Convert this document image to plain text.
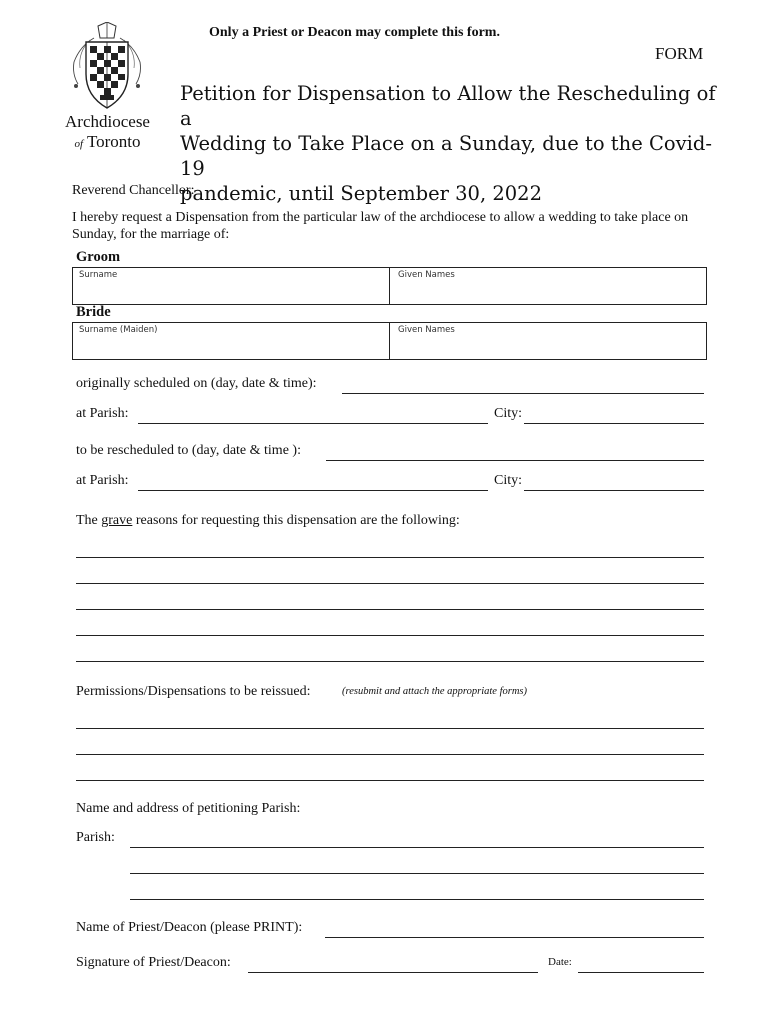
Only a Priest or Deacon may complete this form.
FORM
Archdiocese
of Toronto
Petition for Dispensation to Allow the Rescheduling of a
Wedding to Take Place on a Sunday, due to the Covid-19
pandemic, until September 30, 2022
Reverend Chancellor:
I hereby request a Dispensation from the particular law of the archdiocese to allow a wedding to take place on Sunday, for the marriage of:
Groom
Surname	Given Names
Bride
Surname (Maiden)	Given Names
originally scheduled on (day, date & time):
at Parish:	City:
to be rescheduled to (day, date & time ):
at Parish:	City:
The grave reasons for requesting this dispensation are the following:
Permissions/Dispensations to be reissued:	(resubmit and attach the appropriate forms)
Name and address of petitioning Parish:
Parish:
Name of Priest/Deacon (please PRINT):
Signature of Priest/Deacon:	Date:
